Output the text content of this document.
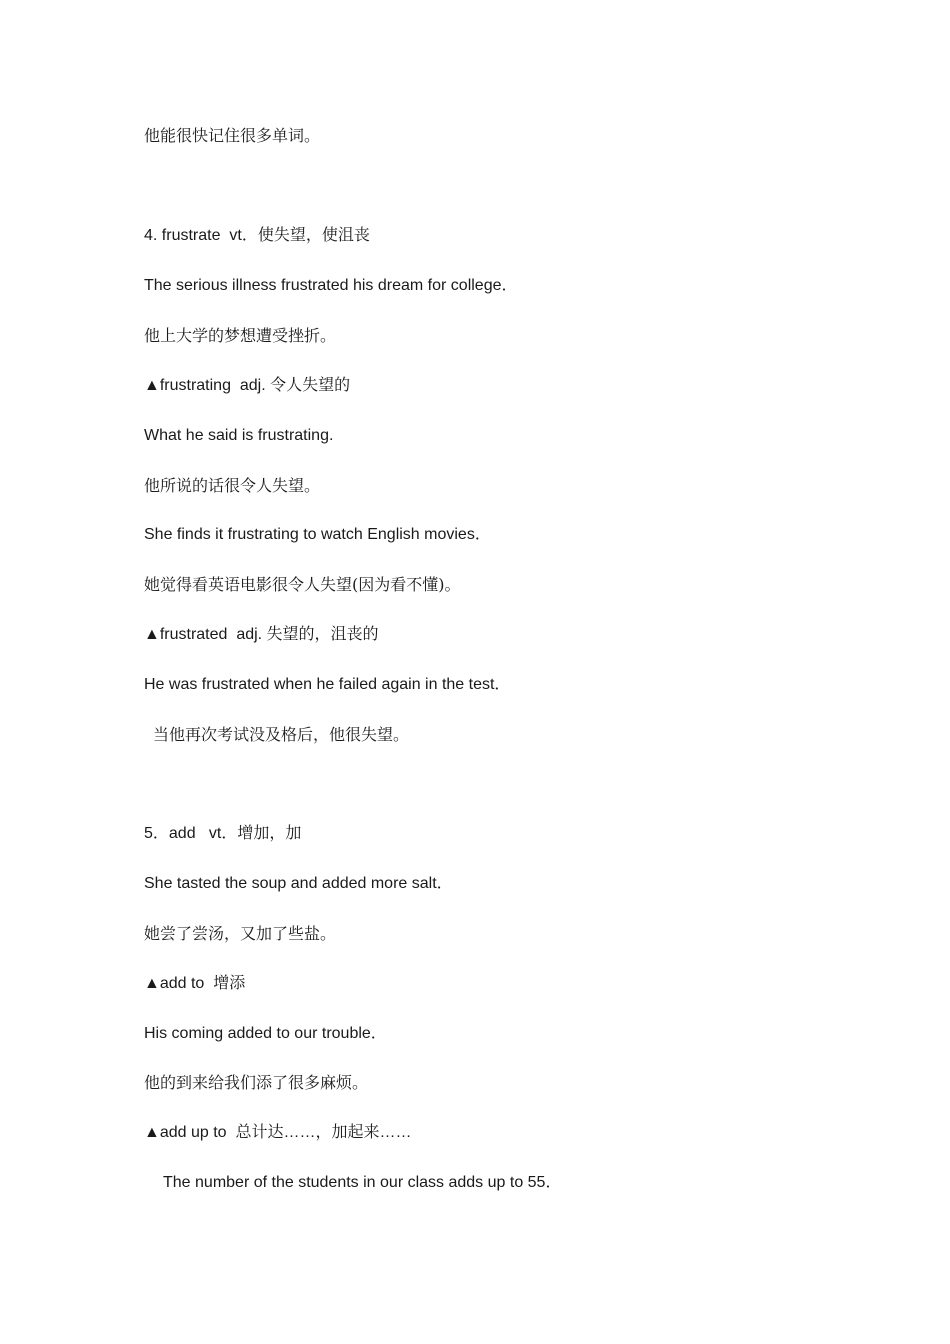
他能很快记住很多单词。
4. frustrate  vt．使失望，使沮丧
The serious illness frustrated his dream for college．
他上大学的梦想遭受挫折。
▲frustrating  adj. 令人失望的
What he said is frustrating.
他所说的话很令人失望。
She finds it frustrating to watch English movies．
她觉得看英语电影很令人失望(因为看不懂)。
▲frustrated  adj. 失望的，沮丧的
He was frustrated when he failed again in the test．
当他再次考试没及格后，他很失望。
5．add   vt．增加，加
She tasted the soup and added more salt．
她尝了尝汤，又加了些盐。
▲add to  增添
His coming added to our trouble．
他的到来给我们添了很多麻烦。
▲add up to  总计达……，加起来……
The number of the students in our class adds up to 55．
